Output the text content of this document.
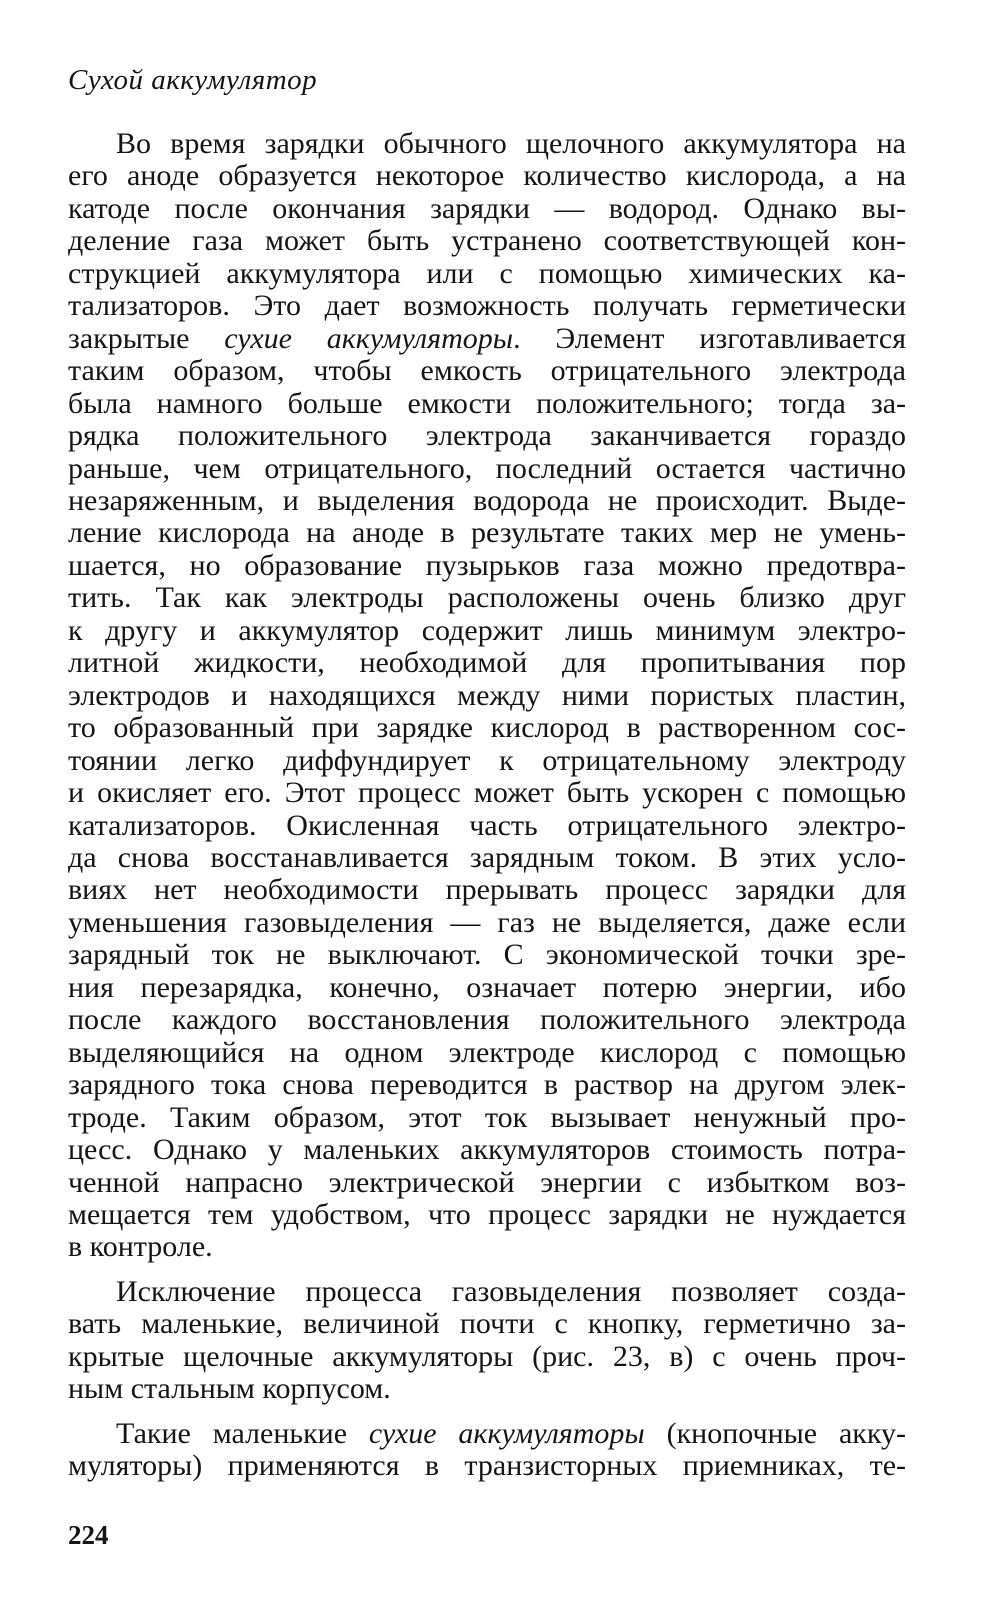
Сухой аккумулятор

Во время зарядки обычного щелочного аккумулятора на
его аноде образуется некоторое количество кислорода, а на
катоде после окончания зарядки — водород. Однако вы-
деление газа может быть устранено соответствующей кон-
струкцией аккумулятора или с помощью химических ка-
тализаторов. Это дает возможность получать герметически
закрытые сухие аккумуляторы. Элемент изготавливается
таким образом, чтобы емкость отрицательного электрода
была намного больше емкости положительного; тогда за-
рядка положительного электрода заканчивается гораздо
раньше, чем отрицательного, последний остается частично
незаряженным, и выделения водорода не происходит. Выде-
ление кислорода на аноде в результате таких мер не умень-
шается, но образование пузырьков газа можно предотвра-
тить. Так как электроды расположены очень близко друг
к другу и аккумулятор содержит лишь минимум электро-
литной жидкости, необходимой для пропитывания пор
электродов и находящихся между ними пористых пластин,
то образованный при зарядке кислород в растворенном сос-
тоянии легко диффундирует к отрицательному электроду
и окисляет его. Этот процесс может быть ускорен с помощью
катализаторов. Окисленная часть отрицательного электро-
да снова восстанавливается зарядным током. В этих усло-
виях нет необходимости прерывать процесс зарядки для
уменьшения газовыделения — газ не выделяется, даже если
зарядный ток не выключают. С экономической точки зре-
ния перезарядка, конечно, означает потерю энергии, ибо
после каждого восстановления положительного электрода
выделяющийся на одном электроде кислород с помощью
зарядного тока снова переводится в раствор на другом элек-
троде. Таким образом, этот ток вызывает ненужный про-
цесс. Однако у маленьких аккумуляторов стоимость потра-
ченной напрасно электрической энергии с избытком воз-
мещается тем удобством, что процесс зарядки не нуждается
в контроле.

Исключение процесса газовыделения позволяет созда-
вать маленькие, величиной почти с кнопку, герметично за-
крытые щелочные аккумуляторы (рис. 23, в) с очень проч-
ным стальным корпусом.

Такие маленькие сухие аккумуляторы (кнопочные акку-
муляторы) применяются в транзисторных приемниках, те-

224
